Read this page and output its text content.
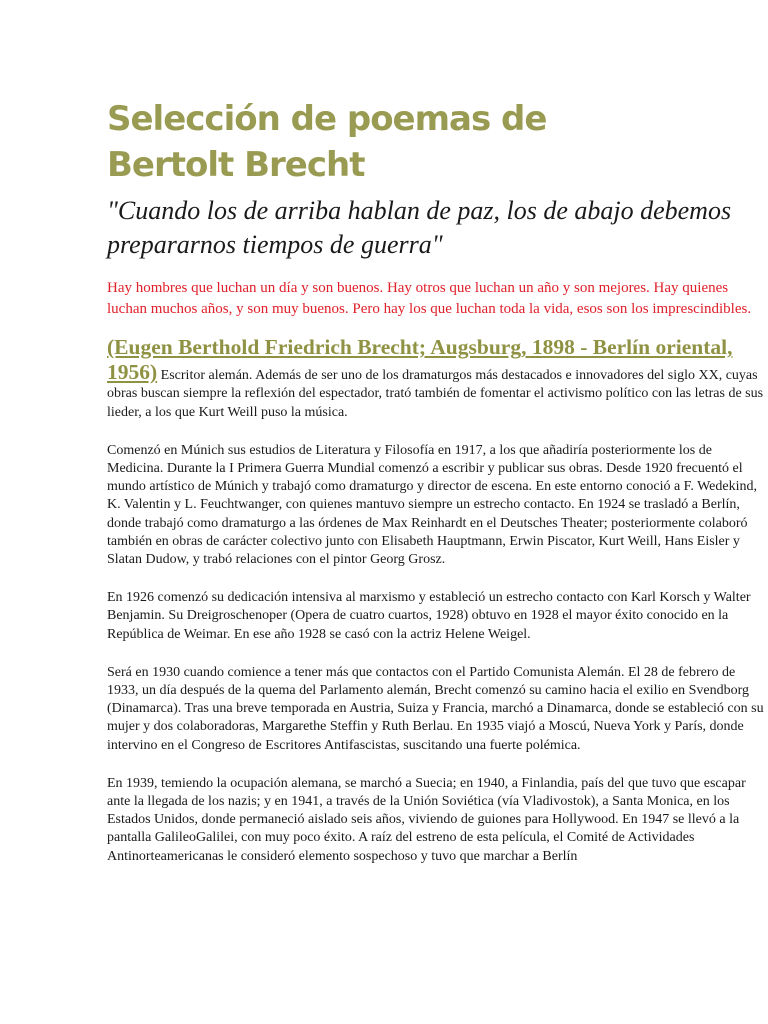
Selección de poemas de Bertolt Brecht

"Cuando los de arriba hablan de paz, los de abajo debemos prepararnos tiempos de guerra"

Hay hombres que luchan un día y son buenos. Hay otros que luchan un año y son mejores. Hay quienes luchan muchos años, y son muy buenos. Pero hay los que luchan toda la vida, esos son los imprescindibles.

(Eugen Berthold Friedrich Brecht; Augsburg, 1898 - Berlín oriental, 1956) Escritor alemán. Además de ser uno de los dramaturgos más destacados e innovadores del siglo XX, cuyas obras buscan siempre la reflexión del espectador, trató también de fomentar el activismo político con las letras de sus lieder, a los que Kurt Weill puso la música.

Comenzó en Múnich sus estudios de Literatura y Filosofía en 1917, a los que añadiría posteriormente los de Medicina. Durante la I Primera Guerra Mundial comenzó a escribir y publicar sus obras. Desde 1920 frecuentó el mundo artístico de Múnich y trabajó como dramaturgo y director de escena. En este entorno conoció a F. Wedekind, K. Valentin y L. Feuchtwanger, con quienes mantuvo siempre un estrecho contacto. En 1924 se trasladó a Berlín, donde trabajó como dramaturgo a las órdenes de Max Reinhardt en el Deutsches Theater; posteriormente colaboró también en obras de carácter colectivo junto con Elisabeth Hauptmann, Erwin Piscator, Kurt Weill, Hans Eisler y Slatan Dudow, y trabó relaciones con el pintor Georg Grosz.

En 1926 comenzó su dedicación intensiva al marxismo y estableció un estrecho contacto con Karl Korsch y Walter Benjamin. Su Dreigroschenoper (Opera de cuatro cuartos, 1928) obtuvo en 1928 el mayor éxito conocido en la República de Weimar. En ese año 1928 se casó con la actriz Helene Weigel.

Será en 1930 cuando comience a tener más que contactos con el Partido Comunista Alemán. El 28 de febrero de 1933, un día después de la quema del Parlamento alemán, Brecht comenzó su camino hacia el exilio en Svendborg (Dinamarca). Tras una breve temporada en Austria, Suiza y Francia, marchó a Dinamarca, donde se estableció con su mujer y dos colaboradoras, Margarethe Steffin y Ruth Berlau. En 1935 viajó a Moscú, Nueva York y París, donde intervino en el Congreso de Escritores Antifascistas, suscitando una fuerte polémica.

En 1939, temiendo la ocupación alemana, se marchó a Suecia; en 1940, a Finlandia, país del que tuvo que escapar ante la llegada de los nazis; y en 1941, a través de la Unión Soviética (vía Vladivostok), a Santa Monica, en los Estados Unidos, donde permaneció aislado seis años, viviendo de guiones para Hollywood. En 1947 se llevó a la pantalla GalileoGalilei, con muy poco éxito. A raíz del estreno de esta película, el Comité de Actividades Antinorteamericanas le consideró elemento sospechoso y tuvo que marchar a Berlín
